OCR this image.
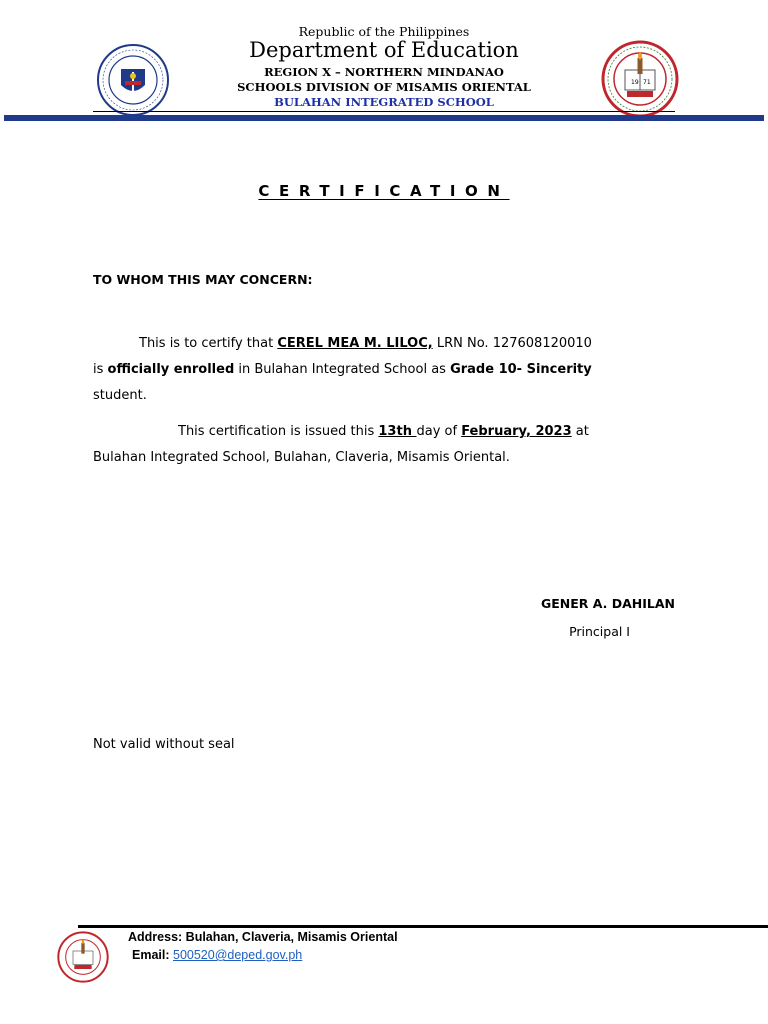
19 71
Republic of the Philippines
Department of Education
REGION X – NORTHERN MINDANAO
SCHOOLS DIVISION OF MISAMIS ORIENTAL
BULAHAN INTEGRATED SCHOOL
CERTIFICATION
TO WHOM THIS MAY CONCERN:
This is to certify that CEREL MEA M. LILOC, LRN No. 127608120010
is officially enrolled in Bulahan Integrated School as Grade 10- Sincerity
student.
This certification is issued this 13th day of February, 2023 at
Bulahan Integrated School, Bulahan, Claveria, Misamis Oriental.
GENER A. DAHILAN
Principal I
Not valid without seal
Address: Bulahan, Claveria, Misamis Oriental
Email: 500520@deped.gov.ph
